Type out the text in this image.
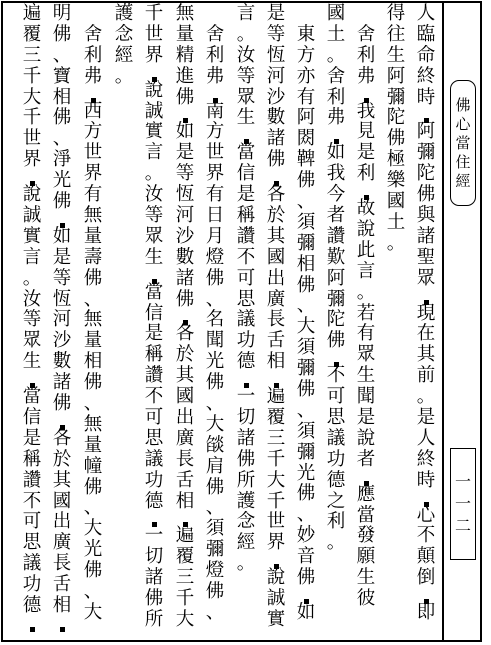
人
臨
命
終
時
阿
彌
陀
佛
與
諸
聖
眾
現
在
其
前
。
是
人
終
時
心
不
顛
倒
即
得
往
生
阿
彌
陀
佛
極
樂
國
土
。

舍
利
弗
我
見
是
利
故
說
此
言
。
若
有
眾
生
聞
是
說
者
應
當
發
願
生
彼
國
土
。
舍
利
弗
如
我
今
者
讚
歎
阿
彌
陀
佛
不
可
思
議
功
德
之
利
。

東
方
亦
有
阿
閦
鞞
佛
、
須
彌
相
佛
、
大
須
彌
佛
、
須
彌
光
佛
、
妙
音
佛
如
是
等
恆
河
沙
數
諸
佛
各
於
其
國
出
廣
長
舌
相
遍
覆
三
千
大
千
世
界
說
誠
實
言
。
汝
等
眾
生
當
信
是
稱
讚
不
可
思
議
功
德
一
切
諸
佛
所
護
念
經
。

舍
利
弗
南
方
世
界
有
日
月
燈
佛
、
名
聞
光
佛
、
大
燄
肩
佛
、
須
彌
燈
佛
、
無
量
精
進
佛
如
是
等
恆
河
沙
數
諸
佛
各
於
其
國
出
廣
長
舌
相
遍
覆
三
千
大
千
世
界
說
誠
實
言
。
汝
等
眾
生
當
信
是
稱
讚
不
可
思
議
功
德
一
切
諸
佛
所
護
念
經
。

舍
利
弗
西
方
世
界
有
無
量
壽
佛
、
無
量
相
佛
、
無
量
幢
佛
、
大
光
佛
、
大
明
佛
、
寶
相
佛
、
淨
光
佛
如
是
等
恆
河
沙
數
諸
佛
各
於
其
國
出
廣
長
舌
相
遍
覆
三
千
大
千
世
界
說
誠
實
言
。
汝
等
眾
生
當
信
是
稱
讚
不
可
思
議
功
德
佛
心
當
住
經
一
一
二
